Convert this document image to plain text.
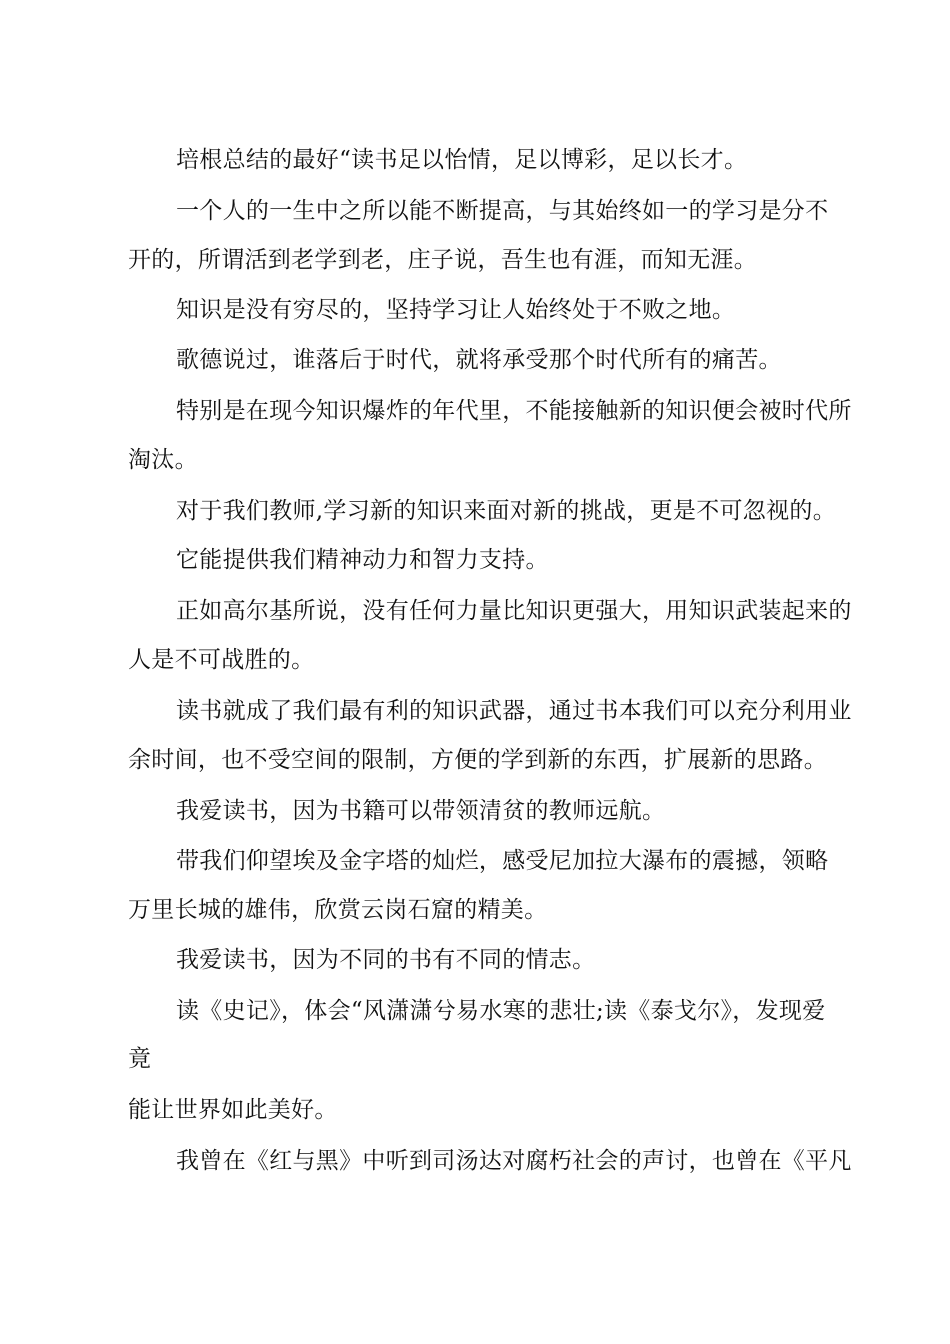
培根总结的最好“读书足以怡情，足以博彩，足以长才。
一个人的一生中之所以能不断提高，与其始终如一的学习是分不
开的，所谓活到老学到老，庄子说，吾生也有涯，而知无涯。
知识是没有穷尽的，坚持学习让人始终处于不败之地。
歌德说过，谁落后于时代，就将承受那个时代所有的痛苦。
特别是在现今知识爆炸的年代里，不能接触新的知识便会被时代所
淘汰。
对于我们教师,学习新的知识来面对新的挑战，更是不可忽视的。
它能提供我们精神动力和智力支持。
正如高尔基所说，没有任何力量比知识更强大，用知识武装起来的
人是不可战胜的。
读书就成了我们最有利的知识武器，通过书本我们可以充分利用业
余时间，也不受空间的限制，方便的学到新的东西，扩展新的思路。
我爱读书，因为书籍可以带领清贫的教师远航。
带我们仰望埃及金字塔的灿烂，感受尼加拉大瀑布的震撼，领略
万里长城的雄伟，欣赏云岗石窟的精美。
我爱读书，因为不同的书有不同的情志。
读《史记》，体会“风潇潇兮易水寒的悲壮;读《泰戈尔》，发现爱
竟
能让世界如此美好。
我曾在《红与黑》中听到司汤达对腐朽社会的声讨，也曾在《平凡
